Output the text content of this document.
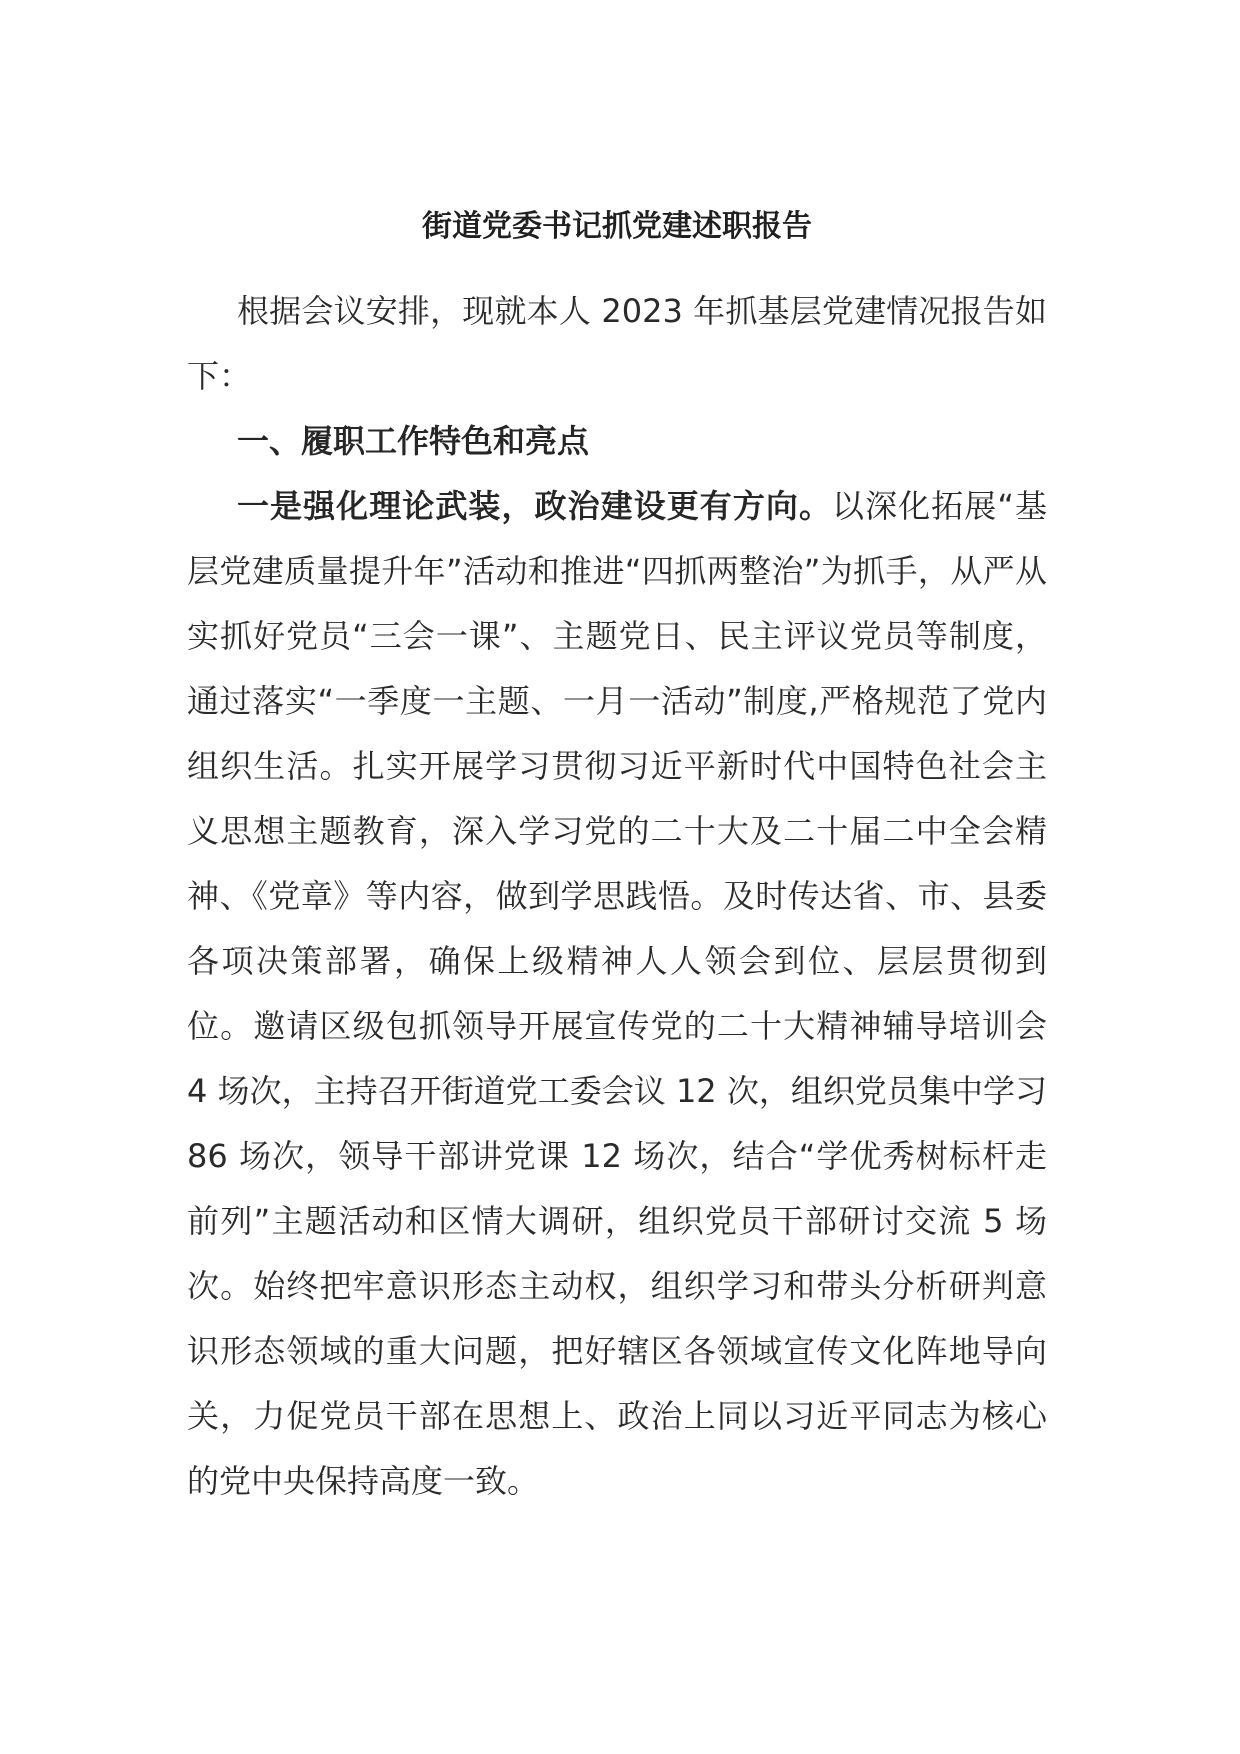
街道党委书记抓党建述职报告

根据会议安排，现就本人 2023 年抓基层党建情况报告如下：

一、履职工作特色和亮点

一是强化理论武装，政治建设更有方向。以深化拓展“基层党建质量提升年”活动和推进“四抓两整治”为抓手，从严从实抓好党员“三会一课”、主题党日、民主评议党员等制度，通过落实“一季度一主题、一月一活动”制度,严格规范了党内组织生活。扎实开展学习贯彻习近平新时代中国特色社会主义思想主题教育，深入学习党的二十大及二十届二中全会精神、《党章》等内容，做到学思践悟。及时传达省、市、县委各项决策部署，确保上级精神人人领会到位、层层贯彻到位。邀请区级包抓领导开展宣传党的二十大精神辅导培训会 4 场次，主持召开街道党工委会议 12 次，组织党员集中学习 86 场次，领导干部讲党课 12 场次，结合“学优秀树标杆走前列”主题活动和区情大调研，组织党员干部研讨交流 5 场次。始终把牢意识形态主动权，组织学习和带头分析研判意识形态领域的重大问题，把好辖区各领域宣传文化阵地导向关，力促党员干部在思想上、政治上同以习近平同志为核心的党中央保持高度一致。
